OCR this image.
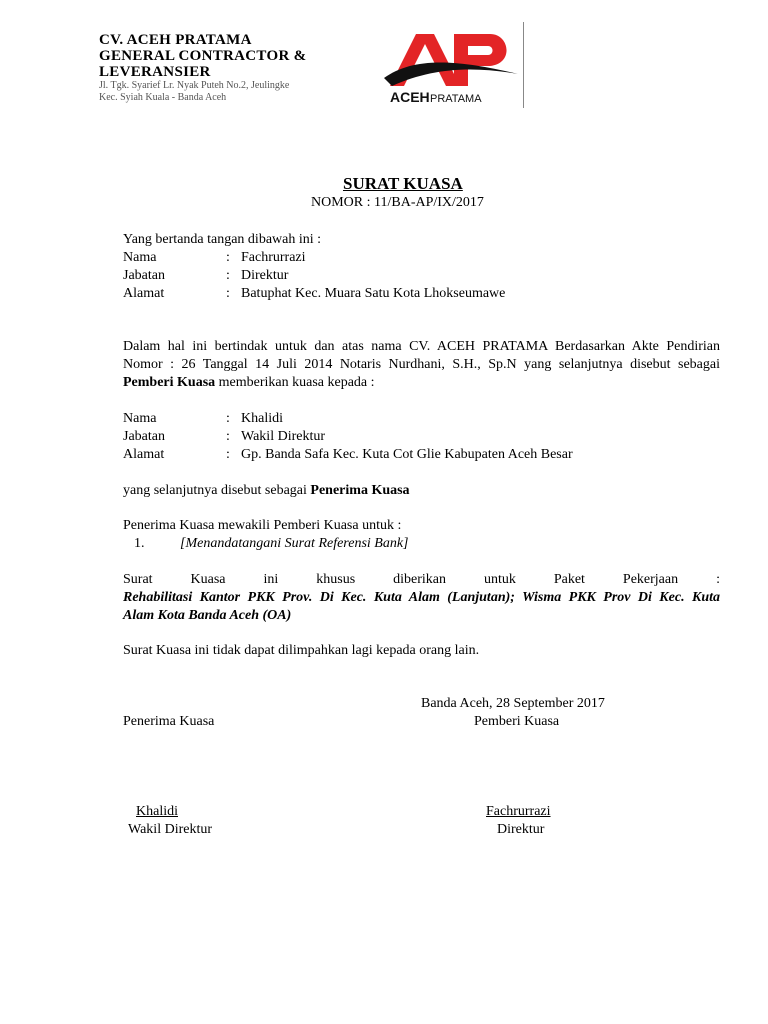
CV. ACEH PRATAMA
GENERAL CONTRACTOR &
LEVERANSIER
Jl. Tgk. Syarief Lr. Nyak Puteh No.2, Jeulingke
Kec. Syiah Kuala - Banda Aceh	ACEH PRATAMA
SURAT KUASA
NOMOR : 11/BA-AP/IX/2017
Yang bertanda tangan dibawah ini :
Nama	: Fachrurrazi
Jabatan	: Direktur
Alamat	: Batuphat Kec. Muara Satu Kota Lhokseumawe
Dalam hal ini bertindak untuk dan atas nama CV. ACEH PRATAMA Berdasarkan Akte Pendirian
Nomor : 26 Tanggal 14 Juli 2014 Notaris Nurdhani, S.H., Sp.N yang selanjutnya disebut sebagai
Pemberi Kuasa memberikan kuasa kepada :
Nama	: Khalidi
Jabatan	: Wakil Direktur
Alamat	: Gp. Banda Safa Kec. Kuta Cot Glie Kabupaten Aceh Besar
yang selanjutnya disebut sebagai Penerima Kuasa
Penerima Kuasa mewakili Pemberi Kuasa untuk :
1.	[Menandatangani Surat Referensi Bank]
Surat	Kuasa	ini	khusus	diberikan	untuk	Paket	Pekerjaan	:
Rehabilitasi Kantor PKK Prov. Di Kec. Kuta Alam (Lanjutan); Wisma PKK Prov Di Kec. Kuta
Alam Kota Banda Aceh (OA)
Surat Kuasa ini tidak dapat dilimpahkan lagi kepada orang lain.
Banda Aceh, 28 September 2017
Penerima Kuasa	Pemberi Kuasa
Khalidi
Wakil Direktur
Fachrurrazi
Direktur
